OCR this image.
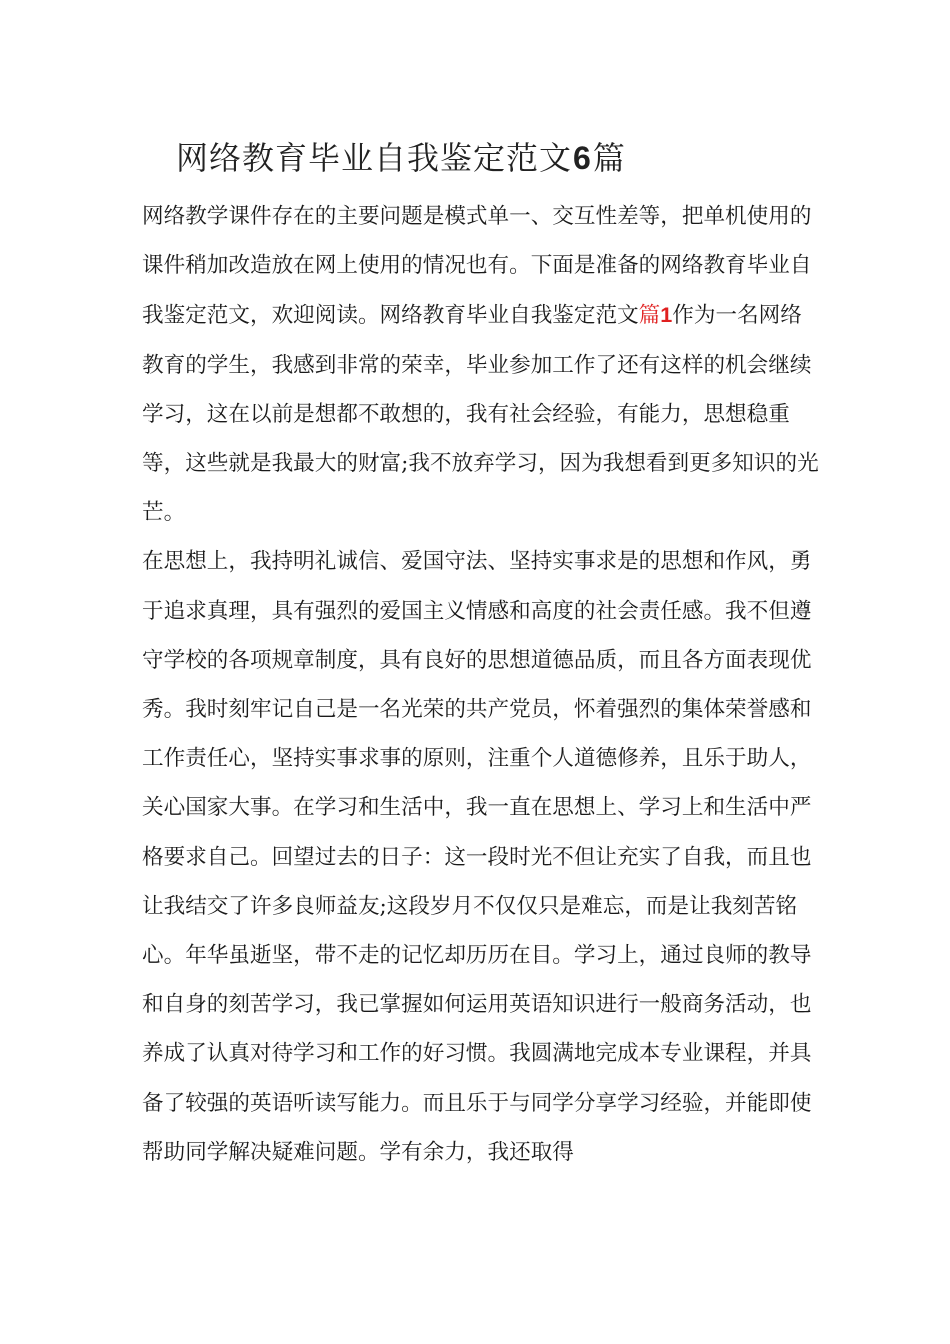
网络教育毕业自我鉴定范文6篇

网络教学课件存在的主要问题是模式单一、交互性差等，把单机使用的课件稍加改造放在网上使用的情况也有。下面是准备的网络教育毕业自我鉴定范文，欢迎阅读。网络教育毕业自我鉴定范文篇1作为一名网络教育的学生，我感到非常的荣幸，毕业参加工作了还有这样的机会继续学习，这在以前是想都不敢想的，我有社会经验，有能力，思想稳重等，这些就是我最大的财富;我不放弃学习，因为我想看到更多知识的光芒。

在思想上，我持明礼诚信、爱国守法、坚持实事求是的思想和作风，勇于追求真理，具有强烈的爱国主义情感和高度的社会责任感。我不但遵守学校的各项规章制度，具有良好的思想道德品质，而且各方面表现优秀。我时刻牢记自己是一名光荣的共产党员，怀着强烈的集体荣誉感和工作责任心，坚持实事求事的原则，注重个人道德修养，且乐于助人，关心国家大事。在学习和生活中，我一直在思想上、学习上和生活中严格要求自己。回望过去的日子：这一段时光不但让充实了自我，而且也让我结交了许多良师益友;这段岁月不仅仅只是难忘，而是让我刻苦铭心。年华虽逝坚，带不走的记忆却历历在目。学习上，通过良师的教导和自身的刻苦学习，我已掌握如何运用英语知识进行一般商务活动，也养成了认真对待学习和工作的好习惯。我圆满地完成本专业课程，并具备了较强的英语听读写能力。而且乐于与同学分享学习经验，并能即使帮助同学解决疑难问题。学有余力，我还取得
